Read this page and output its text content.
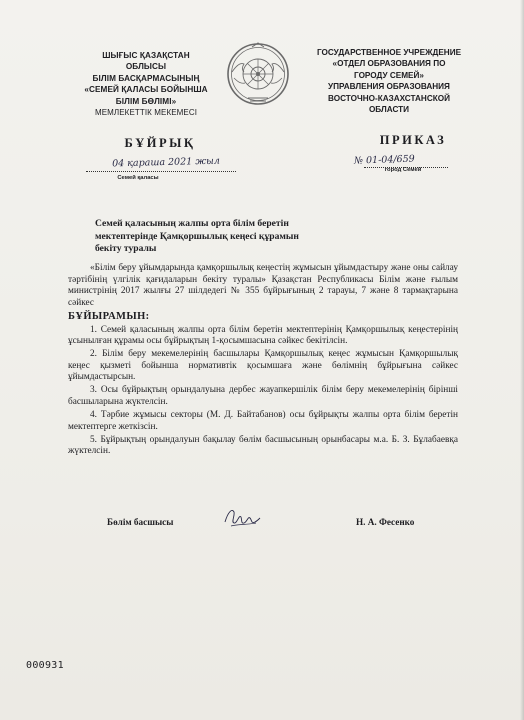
ШЫҒЫС ҚАЗАҚСТАН
ОБЛЫСЫ
БІЛІМ БАСҚАРМАСЫНЫҢ
«СЕМЕЙ ҚАЛАСЫ БОЙЫНША
БІЛІМ БӨЛІМІ»
МЕМЛЕКЕТТІК МЕКЕМЕСІ
ГОСУДАРСТВЕННОЕ УЧРЕЖДЕНИЕ
«ОТДЕЛ ОБРАЗОВАНИЯ ПО
ГОРОДУ СЕМЕЙ»
УПРАВЛЕНИЯ ОБРАЗОВАНИЯ
ВОСТОЧНО-КАЗАХСТАНСКОЙ
ОБЛАСТИ
БҰЙРЫҚ	ПРИКАЗ
04 қараша 2021 жыл	№ 01-04/659
Семей қаласы
город Семей
Семей қаласының жалпы орта білім беретін
мектептерінде Қамқоршылық кеңесі құрамын
бекіту туралы

«Білім беру ұйымдарында қамқоршылық кеңестің жұмысын ұйымдастыру және оны сайлау тәртібінің үлгілік қағидаларын бекіту туралы» Қазақстан Республикасы Білім және ғылым министрінің 2017 жылғы 27 шілдедегі № 355 бұйрығының 2 тарауы, 7 және 8 тармақтарына сәйкес

БҰЙЫРАМЫН:

1. Семей қаласының жалпы орта білім беретін мектептерінің Қамқоршылық кеңестерінің ұсынылған құрамы осы бұйрықтың 1-қосымшасына сәйкес бекітілсін.

2. Білім беру мекемелерінің басшылары Қамқоршылық кеңес жұмысын Қамқоршылық кеңес қызметі бойынша нормативтік қосымшаға және бөлімнің бұйрығына сәйкес ұйымдастырсын.

3. Осы бұйрықтың орындалуына дербес жауапкершілік білім беру мекемелерінің бірінші басшыларына жүктелсін.

4. Тәрбие жұмысы секторы (М. Д. Байтабанов) осы бұйрықты жалпы орта білім беретін мектептерге жеткізсін.

5. Бұйрықтың орындалуын бақылау бөлім басшысының орынбасары м.а. Б. З. Бұлабаевқа жүктелсін.

Бөлім басшысы	Н. А. Фесенко
000931
